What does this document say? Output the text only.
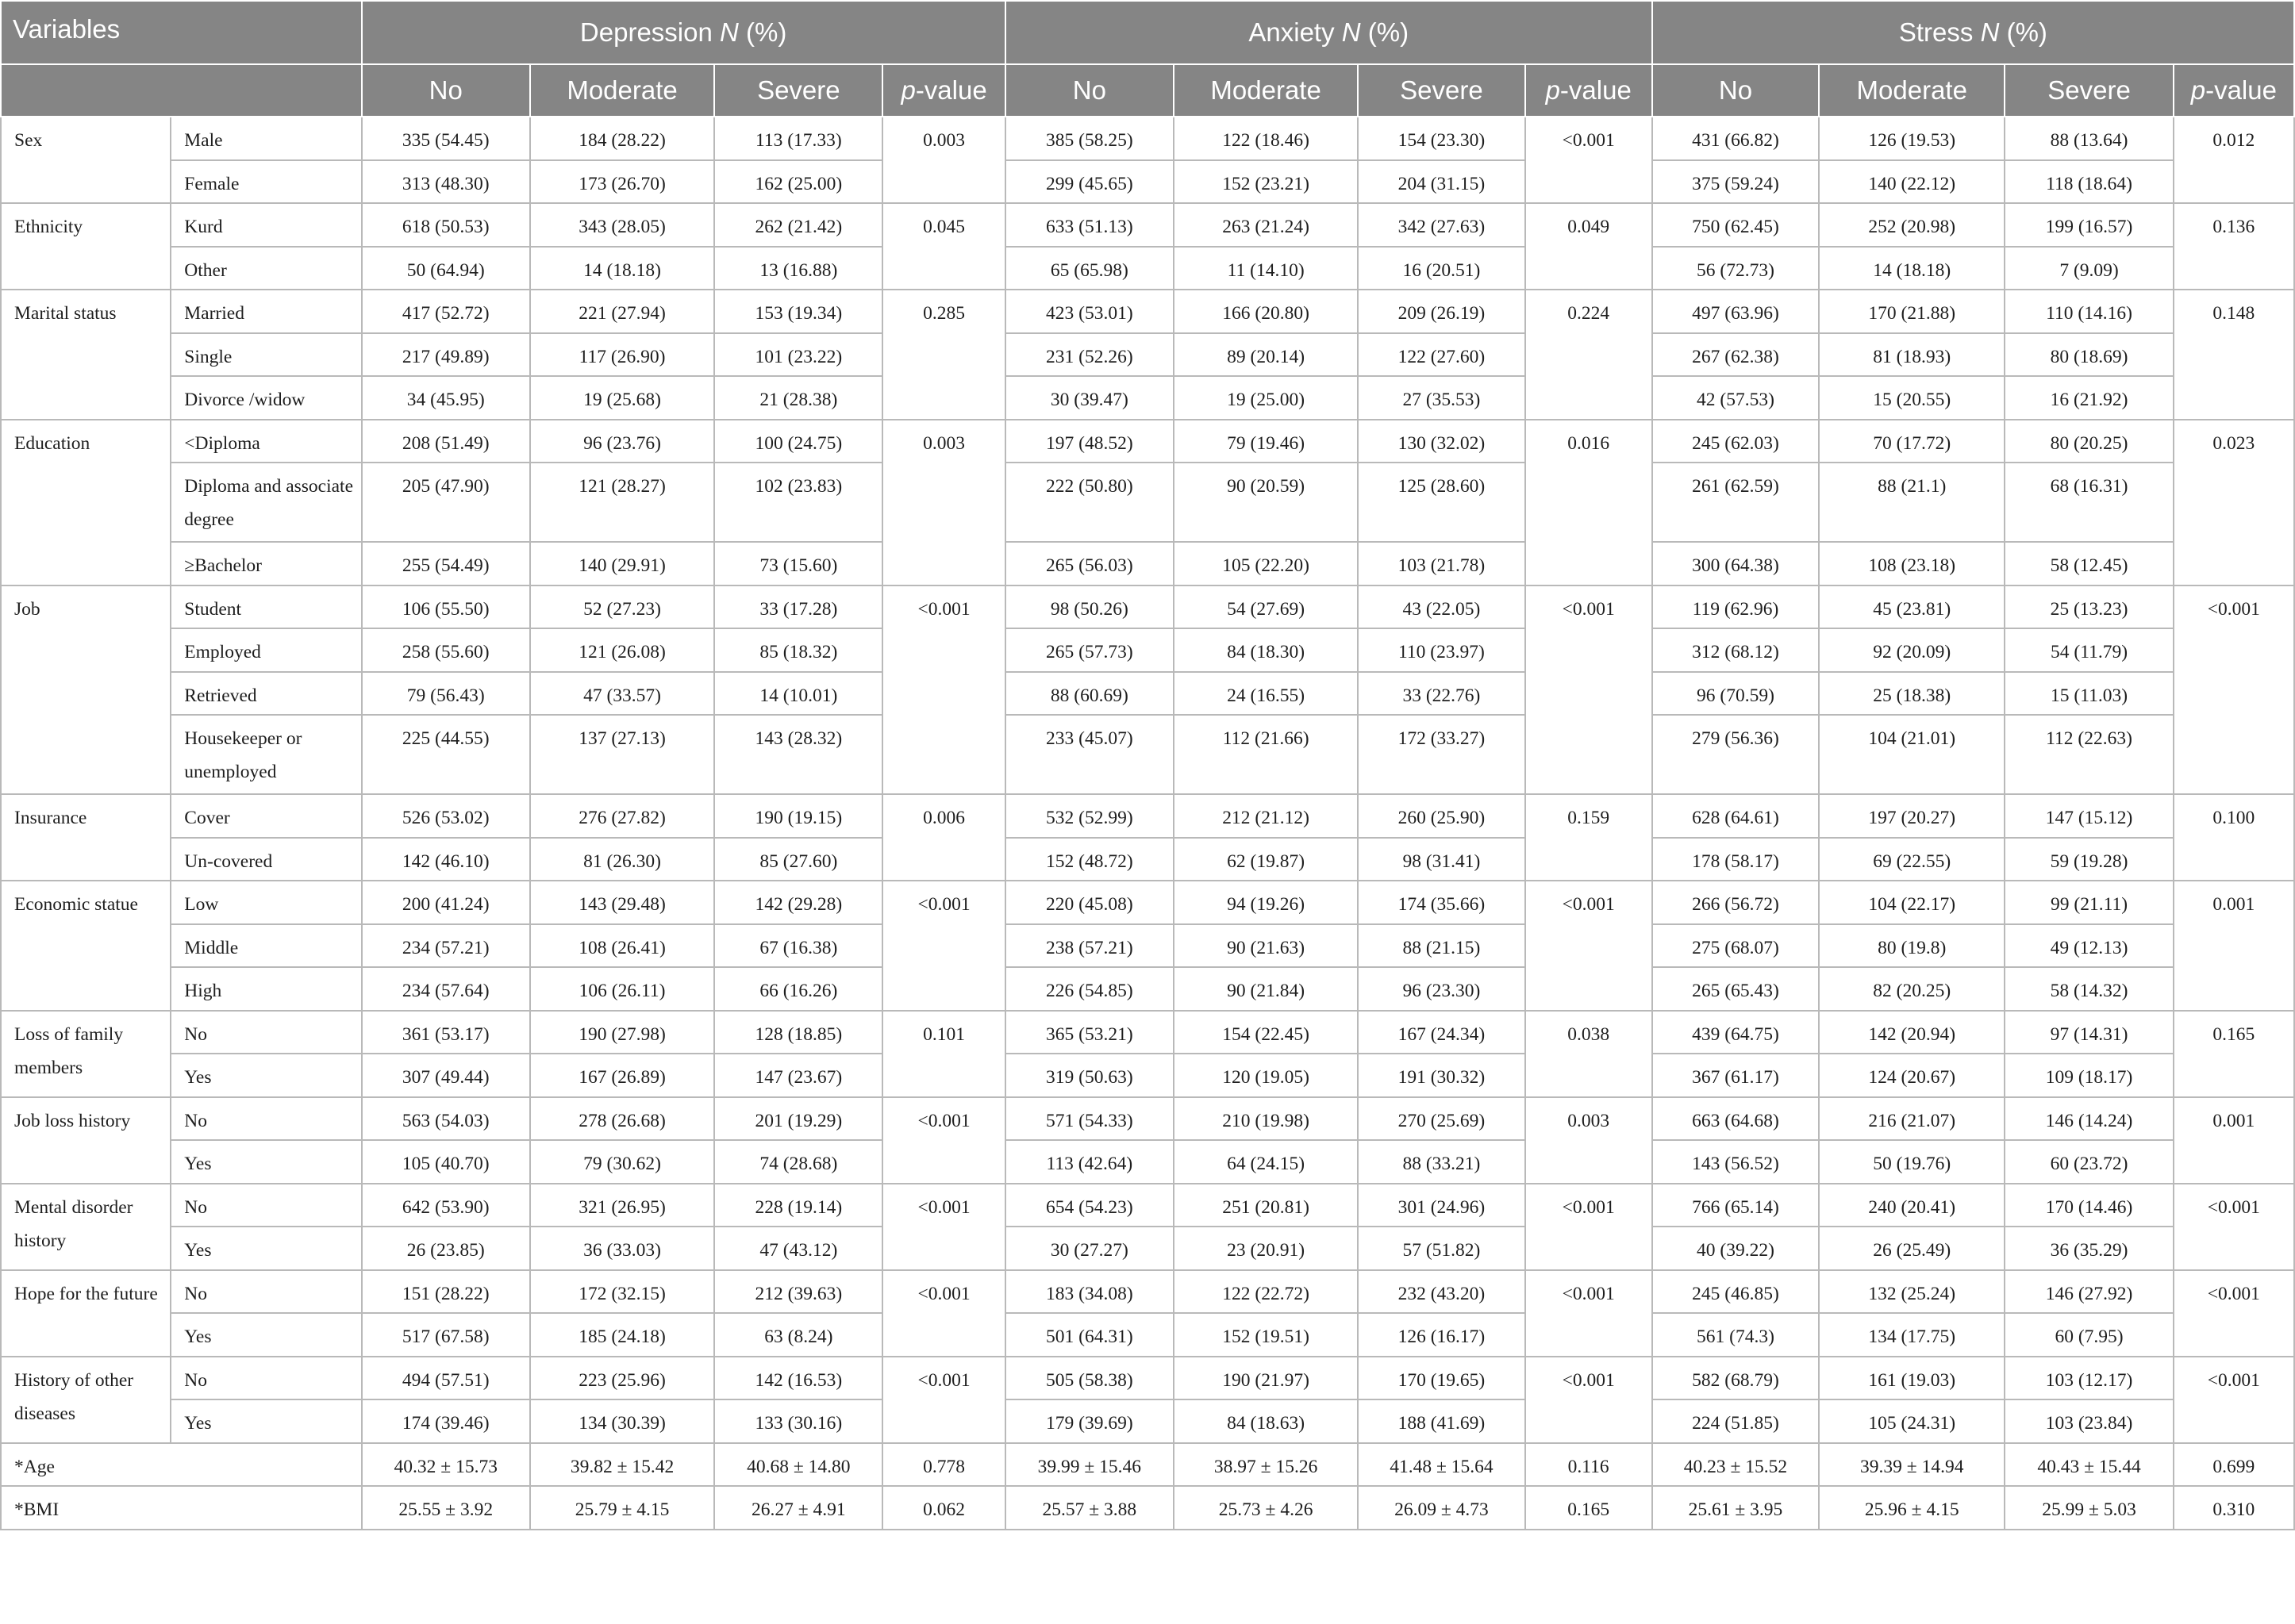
Variables		Depression N (%)				Anxiety N (%)				Stress N (%)			
		No	Moderate	Severe	p-value	No	Moderate	Severe	p-value	No	Moderate	Severe	p-value
Sex	Male	335 (54.45)	184 (28.22)	113 (17.33)	0.003	385 (58.25)	122 (18.46)	154 (23.30)	<0.001	431 (66.82)	126 (19.53)	88 (13.64)	0.012
	Female	313 (48.30)	173 (26.70)	162 (25.00)		299 (45.65)	152 (23.21)	204 (31.15)		375 (59.24)	140 (22.12)	118 (18.64)	
Ethnicity	Kurd	618 (50.53)	343 (28.05)	262 (21.42)	0.045	633 (51.13)	263 (21.24)	342 (27.63)	0.049	750 (62.45)	252 (20.98)	199 (16.57)	0.136
	Other	50 (64.94)	14 (18.18)	13 (16.88)		65 (65.98)	11 (14.10)	16 (20.51)		56 (72.73)	14 (18.18)	7 (9.09)	
Marital status	Married	417 (52.72)	221 (27.94)	153 (19.34)	0.285	423 (53.01)	166 (20.80)	209 (26.19)	0.224	497 (63.96)	170 (21.88)	110 (14.16)	0.148
	Single	217 (49.89)	117 (26.90)	101 (23.22)		231 (52.26)	89 (20.14)	122 (27.60)		267 (62.38)	81 (18.93)	80 (18.69)	
	Divorce /widow	34 (45.95)	19 (25.68)	21 (28.38)		30 (39.47)	19 (25.00)	27 (35.53)		42 (57.53)	15 (20.55)	16 (21.92)	
Education	<Diploma	208 (51.49)	96 (23.76)	100 (24.75)	0.003	197 (48.52)	79 (19.46)	130 (32.02)	0.016	245 (62.03)	70 (17.72)	80 (20.25)	0.023
	Diploma and associate degree	205 (47.90)	121 (28.27)	102 (23.83)		222 (50.80)	90 (20.59)	125 (28.60)		261 (62.59)	88 (21.1)	68 (16.31)	
	≥Bachelor	255 (54.49)	140 (29.91)	73 (15.60)		265 (56.03)	105 (22.20)	103 (21.78)		300 (64.38)	108 (23.18)	58 (12.45)	
Job	Student	106 (55.50)	52 (27.23)	33 (17.28)	<0.001	98 (50.26)	54 (27.69)	43 (22.05)	<0.001	119 (62.96)	45 (23.81)	25 (13.23)	<0.001
	Employed	258 (55.60)	121 (26.08)	85 (18.32)		265 (57.73)	84 (18.30)	110 (23.97)		312 (68.12)	92 (20.09)	54 (11.79)	
	Retrieved	79 (56.43)	47 (33.57)	14 (10.01)		88 (60.69)	24 (16.55)	33 (22.76)		96 (70.59)	25 (18.38)	15 (11.03)	
	Housekeeper or unemployed	225 (44.55)	137 (27.13)	143 (28.32)		233 (45.07)	112 (21.66)	172 (33.27)		279 (56.36)	104 (21.01)	112 (22.63)	
Insurance	Cover	526 (53.02)	276 (27.82)	190 (19.15)	0.006	532 (52.99)	212 (21.12)	260 (25.90)	0.159	628 (64.61)	197 (20.27)	147 (15.12)	0.100
	Un-covered	142 (46.10)	81 (26.30)	85 (27.60)		152 (48.72)	62 (19.87)	98 (31.41)		178 (58.17)	69 (22.55)	59 (19.28)	
Economic statue	Low	200 (41.24)	143 (29.48)	142 (29.28)	<0.001	220 (45.08)	94 (19.26)	174 (35.66)	<0.001	266 (56.72)	104 (22.17)	99 (21.11)	0.001
	Middle	234 (57.21)	108 (26.41)	67 (16.38)		238 (57.21)	90 (21.63)	88 (21.15)		275 (68.07)	80 (19.8)	49 (12.13)	
	High	234 (57.64)	106 (26.11)	66 (16.26)		226 (54.85)	90 (21.84)	96 (23.30)		265 (65.43)	82 (20.25)	58 (14.32)	
Loss of family members	No	361 (53.17)	190 (27.98)	128 (18.85)	0.101	365 (53.21)	154 (22.45)	167 (24.34)	0.038	439 (64.75)	142 (20.94)	97 (14.31)	0.165
	Yes	307 (49.44)	167 (26.89)	147 (23.67)		319 (50.63)	120 (19.05)	191 (30.32)		367 (61.17)	124 (20.67)	109 (18.17)	
Job loss history	No	563 (54.03)	278 (26.68)	201 (19.29)	<0.001	571 (54.33)	210 (19.98)	270 (25.69)	0.003	663 (64.68)	216 (21.07)	146 (14.24)	0.001
	Yes	105 (40.70)	79 (30.62)	74 (28.68)		113 (42.64)	64 (24.15)	88 (33.21)		143 (56.52)	50 (19.76)	60 (23.72)	
Mental disorder history	No	642 (53.90)	321 (26.95)	228 (19.14)	<0.001	654 (54.23)	251 (20.81)	301 (24.96)	<0.001	766 (65.14)	240 (20.41)	170 (14.46)	<0.001
	Yes	26 (23.85)	36 (33.03)	47 (43.12)		30 (27.27)	23 (20.91)	57 (51.82)		40 (39.22)	26 (25.49)	36 (35.29)	
Hope for the future	No	151 (28.22)	172 (32.15)	212 (39.63)	<0.001	183 (34.08)	122 (22.72)	232 (43.20)	<0.001	245 (46.85)	132 (25.24)	146 (27.92)	<0.001
	Yes	517 (67.58)	185 (24.18)	63 (8.24)		501 (64.31)	152 (19.51)	126 (16.17)		561 (74.3)	134 (17.75)	60 (7.95)	
History of other diseases	No	494 (57.51)	223 (25.96)	142 (16.53)	<0.001	505 (58.38)	190 (21.97)	170 (19.65)	<0.001	582 (68.79)	161 (19.03)	103 (12.17)	<0.001
	Yes	174 (39.46)	134 (30.39)	133 (30.16)		179 (39.69)	84 (18.63)	188 (41.69)		224 (51.85)	105 (24.31)	103 (23.84)	
*Age		40.32 ± 15.73	39.82 ± 15.42	40.68 ± 14.80	0.778	39.99 ± 15.46	38.97 ± 15.26	41.48 ± 15.64	0.116	40.23 ± 15.52	39.39 ± 14.94	40.43 ± 15.44	0.699
*BMI		25.55 ± 3.92	25.79 ± 4.15	26.27 ± 4.91	0.062	25.57 ± 3.88	25.73 ± 4.26	26.09 ± 4.73	0.165	25.61 ± 3.95	25.96 ± 4.15	25.99 ± 5.03	0.310
